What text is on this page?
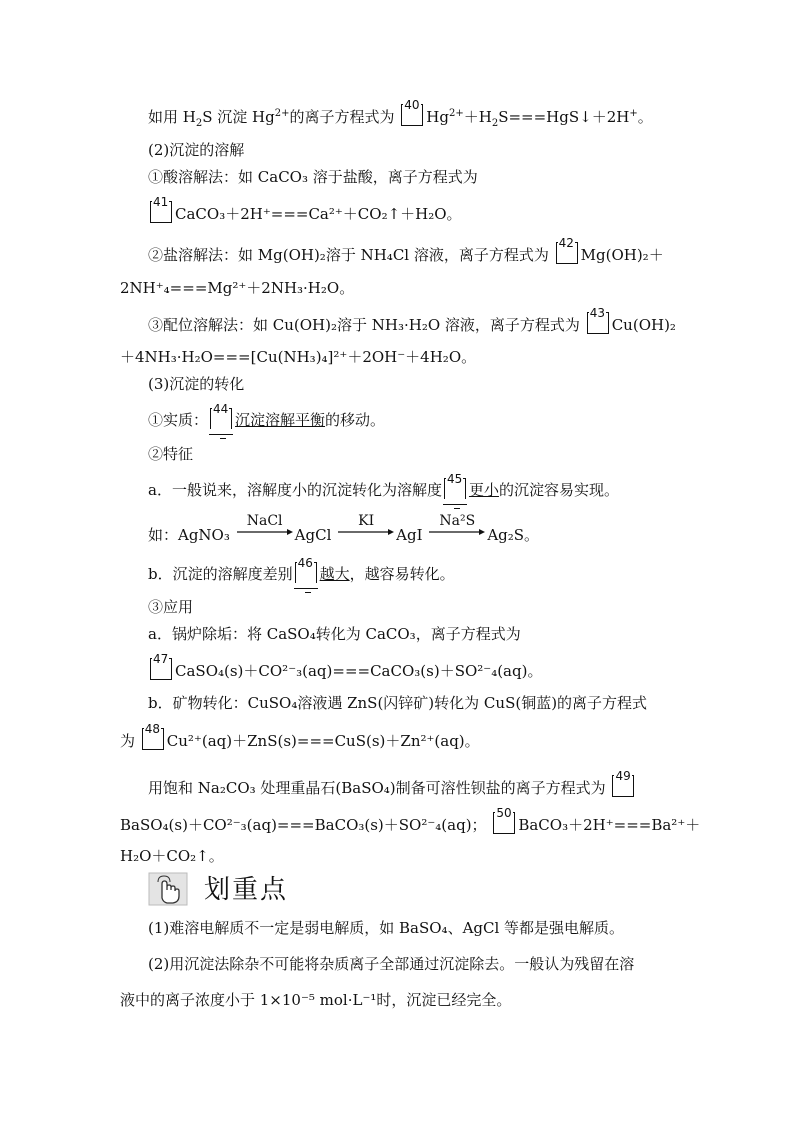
如用 $H_2S$ 沉淀 $Hg^{2+}$的离子方程式为
40
$Hg^{2+}+H_2S===HgS↓+2H^+$。
(2)沉淀的溶解
①酸溶解法：如 CaCO₃ 溶于盐酸，离子方程式为
41
CaCO₃＋2H⁺===Ca²⁺＋CO₂↑＋H₂O。
②盐溶解法：如 Mg(OH)₂溶于 NH₄Cl 溶液，离子方程式为
42
Mg(OH)₂＋
2NH⁺₄===Mg²⁺＋2NH₃·H₂O。
③配位溶解法：如 Cu(OH)₂溶于 NH₃·H₂O 溶液，离子方程式为
43
Cu(OH)₂
＋4NH₃·H₂O===[Cu(NH₃)₄]²⁺＋2OH⁻＋4H₂O。
(3)沉淀的转化
①实质：
44
沉淀溶解平衡的移动。
②特征
a．一般说来，溶解度小的沉淀转化为溶解度
45
更小的沉淀容易实现。
如：AgNO₃
NaCl
AgCl
KI
AgI
Na²S
Ag₂S。
b．沉淀的溶解度差别
46
越大，越容易转化。
③应用
a．锅炉除垢：将 CaSO₄转化为 CaCO₃，离子方程式为
47
CaSO₄(s)＋CO²⁻₃(aq)===CaCO₃(s)＋SO²⁻₄(aq)。
b．矿物转化：CuSO₄溶液遇 ZnS(闪锌矿)转化为 CuS(铜蓝)的离子方程式
为
48
Cu²⁺(aq)＋ZnS(s)===CuS(s)＋Zn²⁺(aq)。
用饱和 Na₂CO₃ 处理重晶石(BaSO₄)制备可溶性钡盐的离子方程式为
49
BaSO₄(s)＋CO²⁻₃(aq)===BaCO₃(s)＋SO²⁻₄(aq)；
50
BaCO₃＋2H⁺===Ba²⁺＋
H₂O＋CO₂↑。
划重点
(1)难溶电解质不一定是弱电解质，如 BaSO₄、AgCl 等都是强电解质。
(2)用沉淀法除杂不可能将杂质离子全部通过沉淀除去。一般认为残留在溶
液中的离子浓度小于 1×10⁻⁵ mol·L⁻¹时，沉淀已经完全。
